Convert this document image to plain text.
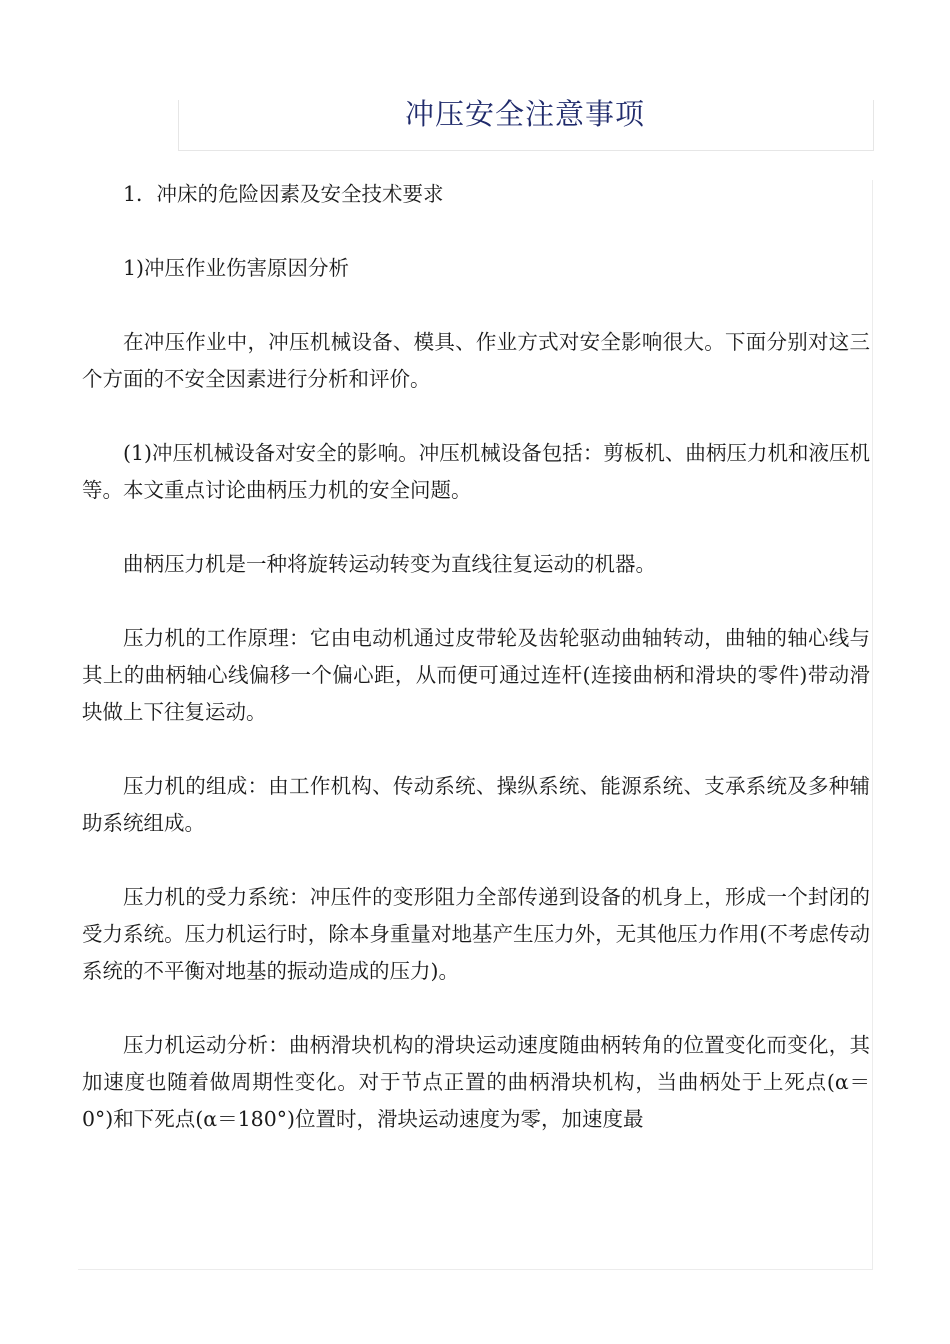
冲压安全注意事项

1．冲床的危险因素及安全技术要求

1)冲压作业伤害原因分析

在冲压作业中，冲压机械设备、模具、作业方式对安全影响很大。下面分别对这三个方面的不安全因素进行分析和评价。

(1)冲压机械设备对安全的影响。冲压机械设备包括：剪板机、曲柄压力机和液压机等。本文重点讨论曲柄压力机的安全问题。

曲柄压力机是一种将旋转运动转变为直线往复运动的机器。

压力机的工作原理：它由电动机通过皮带轮及齿轮驱动曲轴转动，曲轴的轴心线与其上的曲柄轴心线偏移一个偏心距，从而便可通过连杆(连接曲柄和滑块的零件)带动滑块做上下往复运动。

压力机的组成：由工作机构、传动系统、操纵系统、能源系统、支承系统及多种辅助系统组成。

压力机的受力系统：冲压件的变形阻力全部传递到设备的机身上，形成一个封闭的受力系统。压力机运行时，除本身重量对地基产生压力外，无其他压力作用(不考虑传动系统的不平衡对地基的振动造成的压力)。

压力机运动分析：曲柄滑块机构的滑块运动速度随曲柄转角的位置变化而变化，其加速度也随着做周期性变化。对于节点正置的曲柄滑块机构，当曲柄处于上死点(α＝0°)和下死点(α＝180°)位置时，滑块运动速度为零，加速度最
